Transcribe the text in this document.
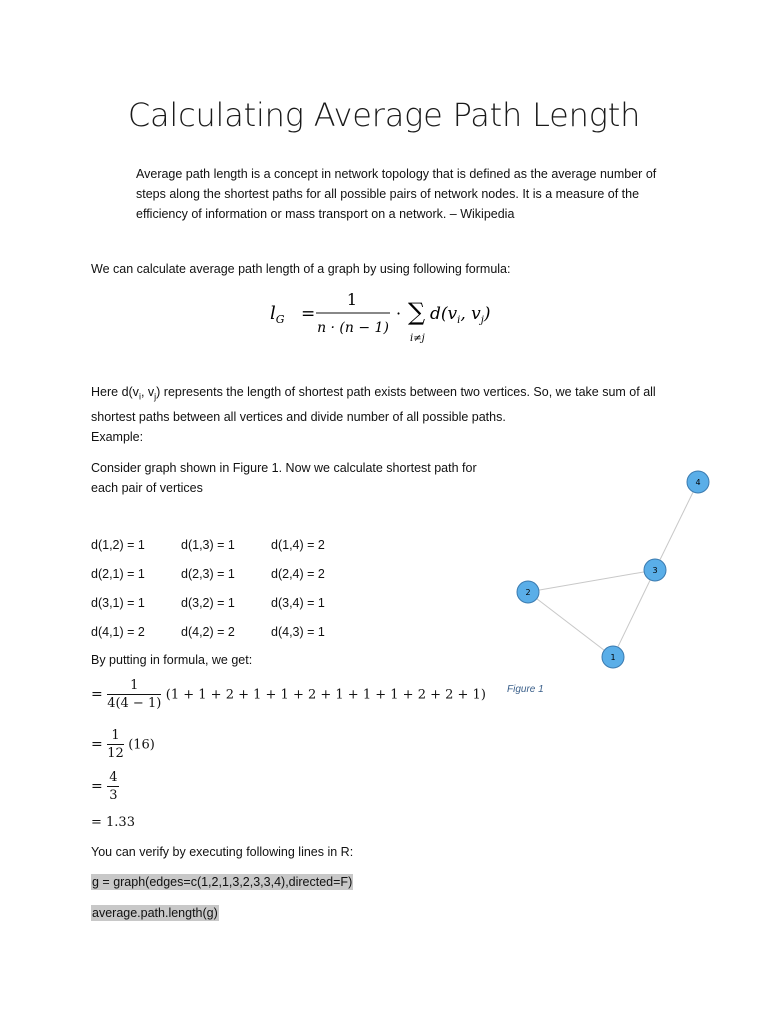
Calculating Average Path Length
Average path length is a concept in network topology that is defined as the average number of steps along the shortest paths for all possible pairs of network nodes. It is a measure of the efficiency of information or mass transport on a network. – Wikipedia
We can calculate average path length of a graph by using following formula:
$l_G$ =
1
n · (n − 1)
· ∑
i≠j
$d(v_i$, $v_j$)
Here $d(v_i$, $v_j$) represents the length of shortest path exists between two vertices. So, we take sum of all shortest paths between all vertices and divide number of all possible paths.
Example:
Consider graph shown in Figure 1. Now we calculate shortest path for each pair of vertices
d(1,2) = 1	d(1,3) = 1	d(1,4) = 2
d(2,1) = 1	d(2,3) = 1	d(2,4) = 2
d(3,1) = 1	d(3,2) = 1	d(3,4) = 1
d(4,1) = 2	d(4,2) = 2	d(4,3) = 1
By putting in formula, we get:
= $\frac{1}{4(4 - 1)} (1 + 1 + 2 + 1 + 1 + 2 + 1 + 1 + 1 + 2 + 2 + 1)$
= $\frac{1}{12} (16)$
= $\frac{4}{3}$
= 1.33
You can verify by executing following lines in R:
g = graph(edges=c(1,2,1,3,2,3,3,4),directed=F)
average.path.length(g)
1
2
3
4
Figure 1
